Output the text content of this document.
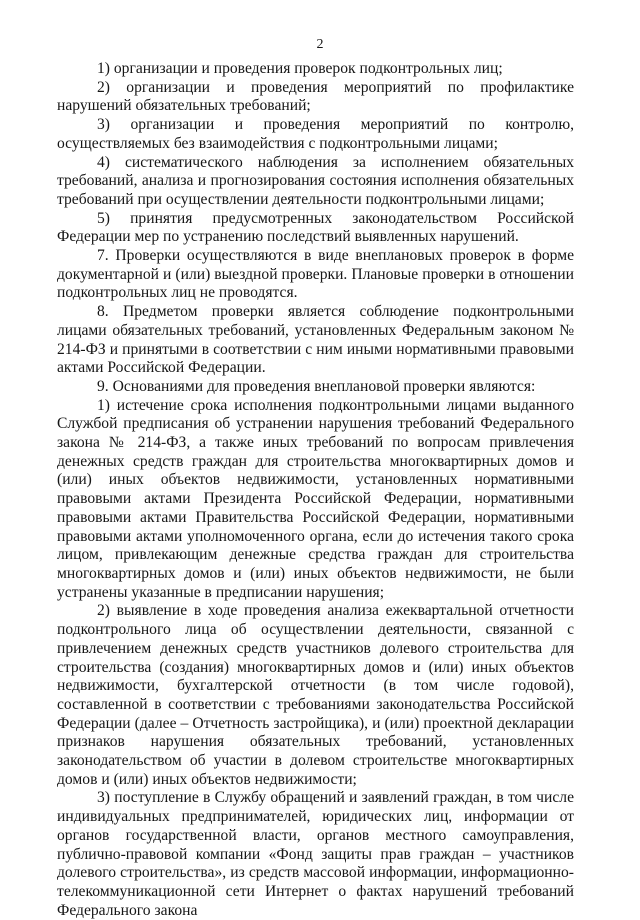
2

1) организации и проведения проверок подконтрольных лиц;

2) организации и проведения мероприятий по профилактике нарушений обязательных требований;

3) организации и проведения мероприятий по контролю, осуществляемых без взаимодействия с подконтрольными лицами;

4) систематического наблюдения за исполнением обязательных требований, анализа и прогнозирования состояния исполнения обязательных требований при осуществлении деятельности подконтрольными лицами;

5) принятия предусмотренных законодательством Российской Федерации мер по устранению последствий выявленных нарушений.

7. Проверки осуществляются в виде внеплановых проверок в форме документарной и (или) выездной проверки. Плановые проверки в отношении подконтрольных лиц не проводятся.

8. Предметом проверки является соблюдение подконтрольными лицами обязательных требований, установленных Федеральным законом № 214-ФЗ и принятыми в соответствии с ним иными нормативными правовыми актами Российской Федерации.

9. Основаниями для проведения внеплановой проверки являются:

1) истечение срока исполнения подконтрольными лицами выданного Службой предписания об устранении нарушения требований Федерального закона № 214-ФЗ, а также иных требований по вопросам привлечения денежных средств граждан для строительства многоквартирных домов и (или) иных объектов недвижимости, установленных нормативными правовыми актами Президента Российской Федерации, нормативными правовыми актами Правительства Российской Федерации, нормативными правовыми актами уполномоченного органа, если до истечения такого срока лицом, привлекающим денежные средства граждан для строительства многоквартирных домов и (или) иных объектов недвижимости, не были устранены указанные в предписании нарушения;

2) выявление в ходе проведения анализа ежеквартальной отчетности подконтрольного лица об осуществлении деятельности, связанной с привлечением денежных средств участников долевого строительства для строительства (создания) многоквартирных домов и (или) иных объектов недвижимости, бухгалтерской отчетности (в том числе годовой), составленной в соответствии с требованиями законодательства Российской Федерации (далее – Отчетность застройщика), и (или) проектной декларации признаков нарушения обязательных требований, установленных законодательством об участии в долевом строительстве многоквартирных домов и (или) иных объектов недвижимости;

3) поступление в Службу обращений и заявлений граждан, в том числе индивидуальных предпринимателей, юридических лиц, информации от органов государственной власти, органов местного самоуправления, публично-правовой компании «Фонд защиты прав граждан – участников долевого строительства», из средств массовой информации, информационно-телекоммуникационной сети Интернет о фактах нарушений требований Федерального закона
